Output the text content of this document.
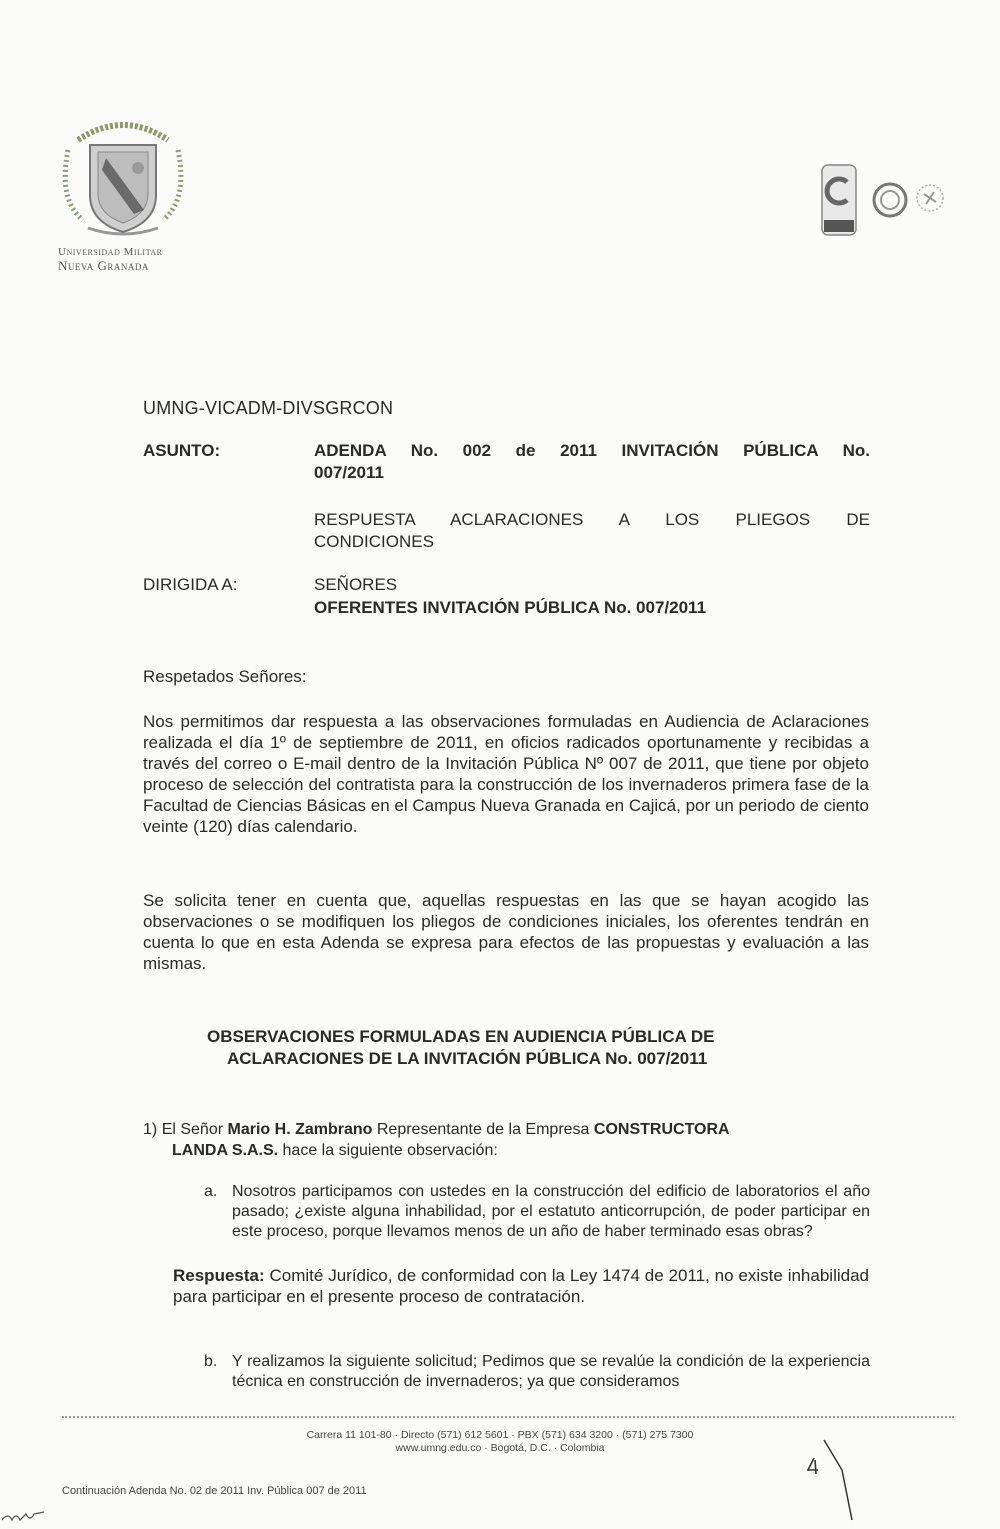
Universidad Militar
Nueva Granada
UMNG-VICADM-DIVSGRCON
ASUNTO:	ADENDA No. 002 de 2011 INVITACIÓN PÚBLICA No.
007/2011
RESPUESTA ACLARACIONES A LOS PLIEGOS DE
CONDICIONES
DIRIGIDA A:	SEÑORES
OFERENTES INVITACIÓN PÚBLICA No. 007/2011
Respetados Señores:
Nos permitimos dar respuesta a las observaciones formuladas en Audiencia de Aclaraciones realizada el día 1º de septiembre de 2011, en oficios radicados oportunamente y recibidas a través del correo o E-mail dentro de la Invitación Pública Nº 007 de 2011, que tiene por objeto proceso de selección del contratista para la construcción de los invernaderos primera fase de la Facultad de Ciencias Básicas en el Campus Nueva Granada en Cajicá, por un periodo de ciento veinte (120) días calendario.
Se solicita tener en cuenta que, aquellas respuestas en las que se hayan acogido las observaciones o se modifiquen los pliegos de condiciones iniciales, los oferentes tendrán en cuenta lo que en esta Adenda se expresa para efectos de las propuestas y evaluación a las mismas.
OBSERVACIONES FORMULADAS EN AUDIENCIA PÚBLICA DE
ACLARACIONES DE LA INVITACIÓN PÚBLICA No. 007/2011
1) El Señor Mario H. Zambrano Representante de la Empresa CONSTRUCTORA
LANDA S.A.S. hace la siguiente observación:
a. Nosotros participamos con ustedes en la construcción del edificio de laboratorios el año pasado; ¿existe alguna inhabilidad, por el estatuto anticorrupción, de poder participar en este proceso, porque llevamos menos de un año de haber terminado esas obras?
Respuesta: Comité Jurídico, de conformidad con la Ley 1474 de 2011, no existe inhabilidad para participar en el presente proceso de contratación.
b. Y realizamos la siguiente solicitud; Pedimos que se revalúe la condición de la experiencia técnica en construcción de invernaderos; ya que consideramos
Carrera 11 101-80 · Directo (571) 612 5601 · PBX (571) 634 3200 · (571) 275 7300
www.umng.edu.co · Bogotá, D.C. · Colombia
Continuación Adenda No. 02 de 2011 Inv. Pública 007 de 2011
